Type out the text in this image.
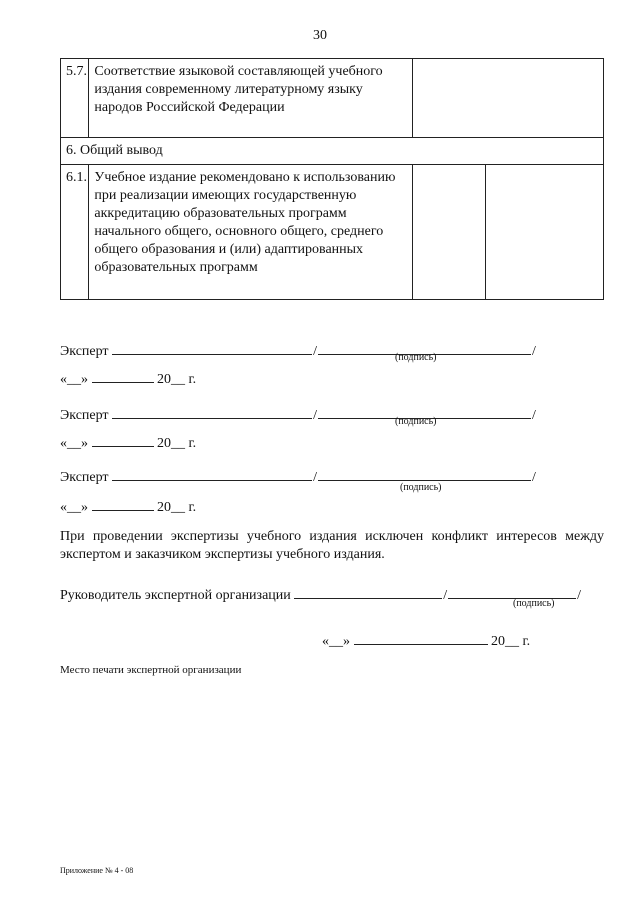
30
5.7.	Соответствие языковой составляющей учебного издания современному литературному языку народов Российской Федерации		
6. Общий вывод			
6.1.	Учебное издание рекомендовано к использованию при реализации имеющих государственную аккредитацию образовательных программ начального общего, основного общего, среднего общего образования и (или) адаптированных образовательных программ		
Эксперт	/	/
(подпись)
«__»	20__ г.
Эксперт	/	/
(подпись)
«__»	20__ г.
Эксперт	/	/
(подпись)
«__»	20__ г.
При проведении экспертизы учебного издания исключен конфликт интересов между экспертом и заказчиком экспертизы учебного издания.
Руководитель экспертной организации	/	/
(подпись)
«__»	20__ г.
Место печати экспертной организации
Приложение № 4 - 08
